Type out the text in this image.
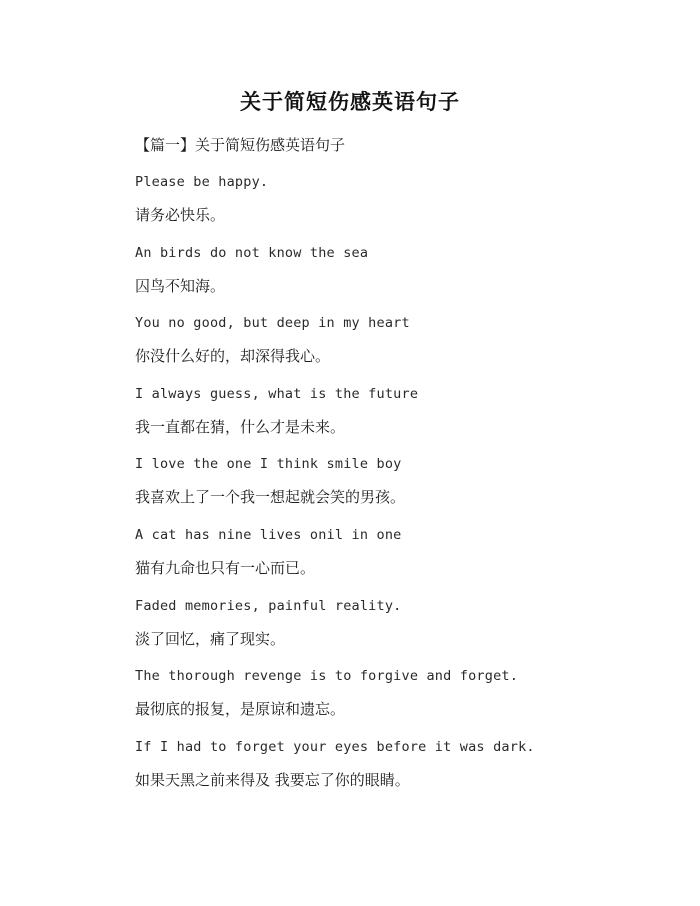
关于简短伤感英语句子
【篇一】关于简短伤感英语句子
Please be happy.
请务必快乐。
An birds do not know the sea
囚鸟不知海。
You no good, but deep in my heart
你没什么好的，却深得我心。
I always guess, what is the future
我一直都在猜，什么才是未来。
I love the one I think smile boy
我喜欢上了一个我一想起就会笑的男孩。
A cat has nine lives onil in one
猫有九命也只有一心而已。
Faded memories, painful reality.
淡了回忆，痛了现实。
The thorough revenge is to forgive and forget.
最彻底的报复，是原谅和遗忘。
If I had to forget your eyes before it was dark.
如果天黑之前来得及 我要忘了你的眼睛。
